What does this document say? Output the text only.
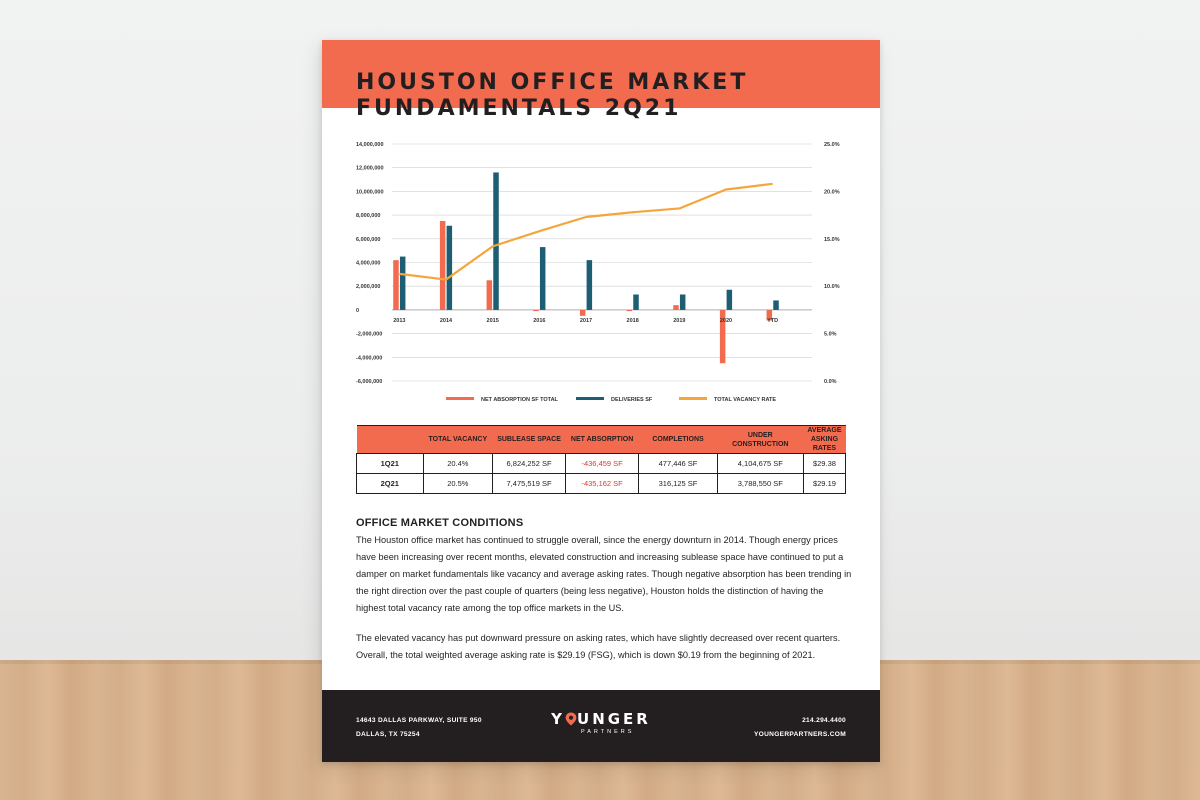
HOUSTON OFFICE MARKET
FUNDAMENTALS 2Q21
14,000,000
12,000,000
10,000,000
8,000,000
6,000,000
4,000,000
2,000,000
0
-2,000,000
-4,000,000
-6,000,000
25.0%
20.0%
15.0%
10.0%
5.0%
0.0%
2013	2014	2015	2016	2017	2018	2019	2020	YTD
NET ABSORPTION SF TOTAL	DELIVERIES SF	TOTAL VACANCY RATE
	TOTAL VACANCY	SUBLEASE SPACE	NET ABSORPTION	COMPLETIONS	UNDER CONSTRUCTION	AVERAGE ASKING RATES
1Q21	20.4%	6,824,252 SF	-436,459 SF	477,446 SF	4,104,675 SF	$29.38
2Q21	20.5%	7,475,519 SF	-435,162 SF	316,125 SF	3,788,550 SF	$29.19
OFFICE MARKET CONDITIONS

The Houston office market has continued to struggle overall, since the energy downturn in 2014. Though energy prices have been increasing over recent months, elevated construction and increasing sublease space have continued to put a damper on market fundamentals like vacancy and average asking rates. Though negative absorption has been trending in the right direction over the past couple of quarters (being less negative), Houston holds the distinction of having the highest total vacancy rate among the top office markets in the US.

The elevated vacancy has put downward pressure on asking rates, which have slightly decreased over recent quarters. Overall, the total weighted average asking rate is $29.19 (FSG), which is down $0.19 from the beginning of 2021.

14643 DALLAS PARKWAY, SUITE 950
DALLAS, TX 75254
Y UNGER
PARTNERS
214.294.4400
YOUNGERPARTNERS.COM
